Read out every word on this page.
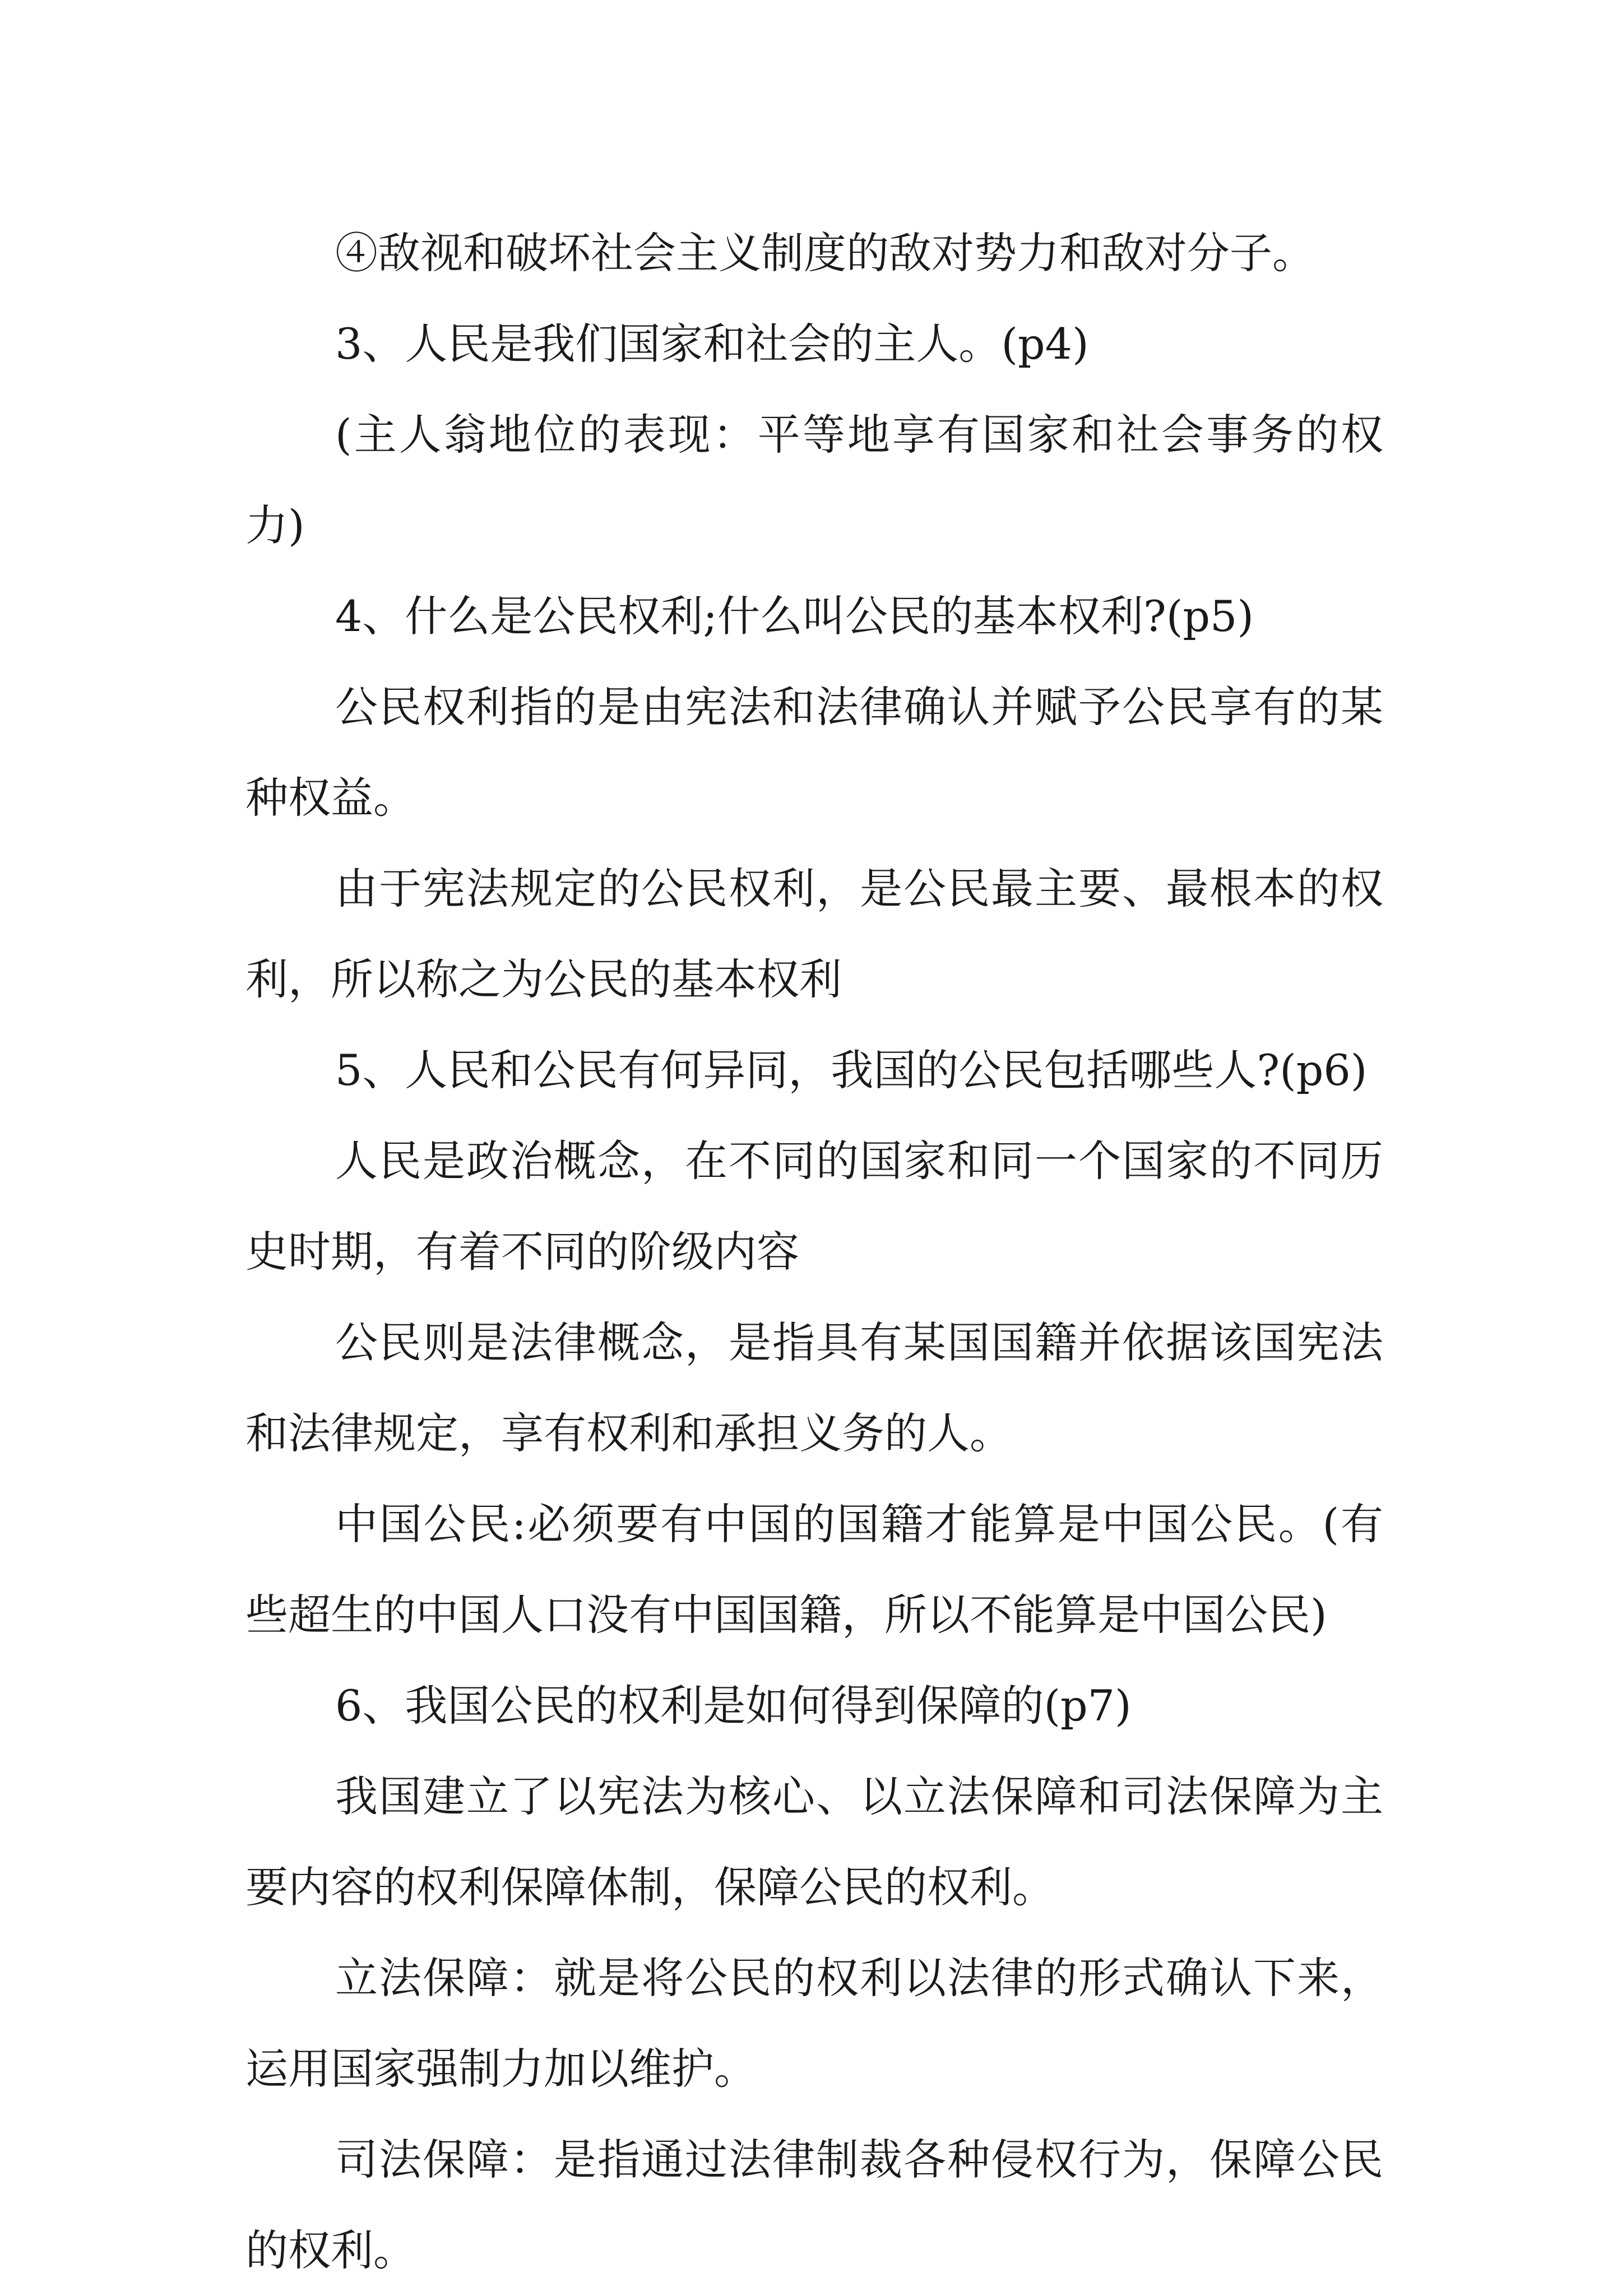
④敌视和破坏社会主义制度的敌对势力和敌对分子。

3、人民是我们国家和社会的主人。(p4)

(主人翁地位的表现：平等地享有国家和社会事务的权力)

4、什么是公民权利;什么叫公民的基本权利?(p5)

公民权利指的是由宪法和法律确认并赋予公民享有的某种权益。

由于宪法规定的公民权利，是公民最主要、最根本的权利，所以称之为公民的基本权利

5、人民和公民有何异同，我国的公民包括哪些人?(p6)

人民是政治概念，在不同的国家和同一个国家的不同历史时期，有着不同的阶级内容

公民则是法律概念，是指具有某国国籍并依据该国宪法和法律规定，享有权利和承担义务的人。

中国公民:必须要有中国的国籍才能算是中国公民。(有些超生的中国人口没有中国国籍，所以不能算是中国公民)

6、我国公民的权利是如何得到保障的(p7)

我国建立了以宪法为核心、以立法保障和司法保障为主要内容的权利保障体制，保障公民的权利。

立法保障：就是将公民的权利以法律的形式确认下来，运用国家强制力加以维护。

司法保障：是指通过法律制裁各种侵权行为，保障公民的权利。
